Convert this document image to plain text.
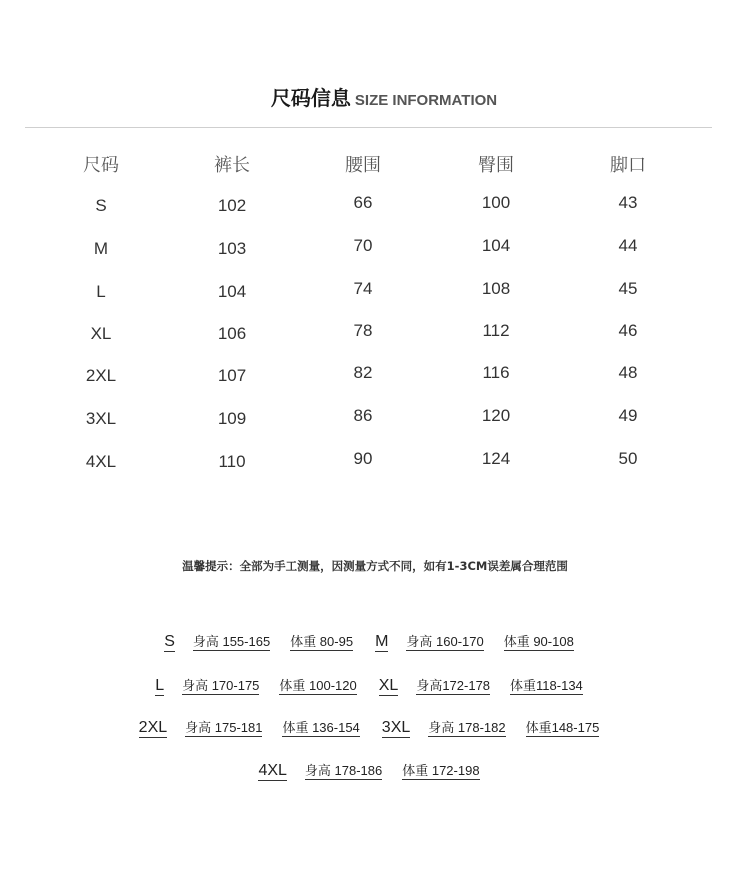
尺码信息 SIZE INFORMATION
尺码	裤长	腰围	臀围	脚口
S	102	66	100	43
M	103	70	104	44
L	104	74	108	45
XL	106	78	112	46
2XL	107	82	116	48
3XL	109	86	120	49
4XL	110	90	124	50
温馨提示：全部为手工测量，因测量方式不同，如有1-3CM误差属合理范围
S 身高 155-165 体重 80-95 M 身高 160-170 体重 90-108
L 身高 170-175 体重 100-120 XL 身高172-178 体重118-134
2XL 身高 175-181 体重 136-154 3XL 身高 178-182 体重148-175
4XL 身高 178-186 体重 172-198
